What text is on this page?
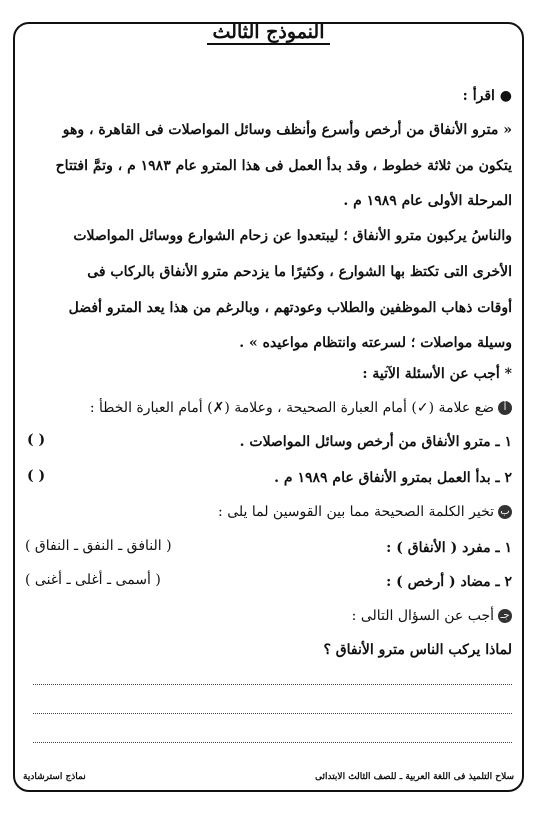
النموذج الثالث
● اقرأ :
« مترو الأنفاق من أرخص وأسرع وأنظف وسائل المواصلات فى القاهرة ، وهو
يتكون من ثلاثة خطوط ، وقد بدأ العمل فى هذا المترو عام ١٩٨٣ م ، وتمَّ افتتاح
المرحلة الأولى عام ١٩٨٩ م .
والناسُ يركبون مترو الأنفاق ؛ ليبتعدوا عن زحام الشوارع ووسائل المواصلات
الأخرى التى تكتظ بها الشوارع ، وكثيرًا ما يزدحم مترو الأنفاق بالركاب فى
أوقات ذهاب الموظفين والطلاب وعودتهم ، وبالرغم من هذا يعد المترو أفضل
وسيلة مواصلات ؛ لسرعته وانتظام مواعيده » .
* أجب عن الأسئلة الآتية :
أضع علامة (✓) أمام العبارة الصحيحة ، وعلامة (✗) أمام العبارة الخطأ :
١ ـ مترو الأنفاق من أرخص وسائل المواصلات .
( )
٢ ـ بدأ العمل بمترو الأنفاق عام ١٩٨٩ م .
( )
بتخير الكلمة الصحيحة مما بين القوسين لما يلى :
١ ـ مفرد ( الأنفاق ) :
( النافق ـ النفق ـ النفاق )
٢ ـ مضاد ( أرخص ) :
( أسمى ـ أغلى ـ أغنى )
جـأجب عن السؤال التالى :
لماذا يركب الناس مترو الأنفاق ؟
سلاح التلميذ فى اللغة العربية ـ للصف الثالث الابتدائى
نماذج استرشادية
